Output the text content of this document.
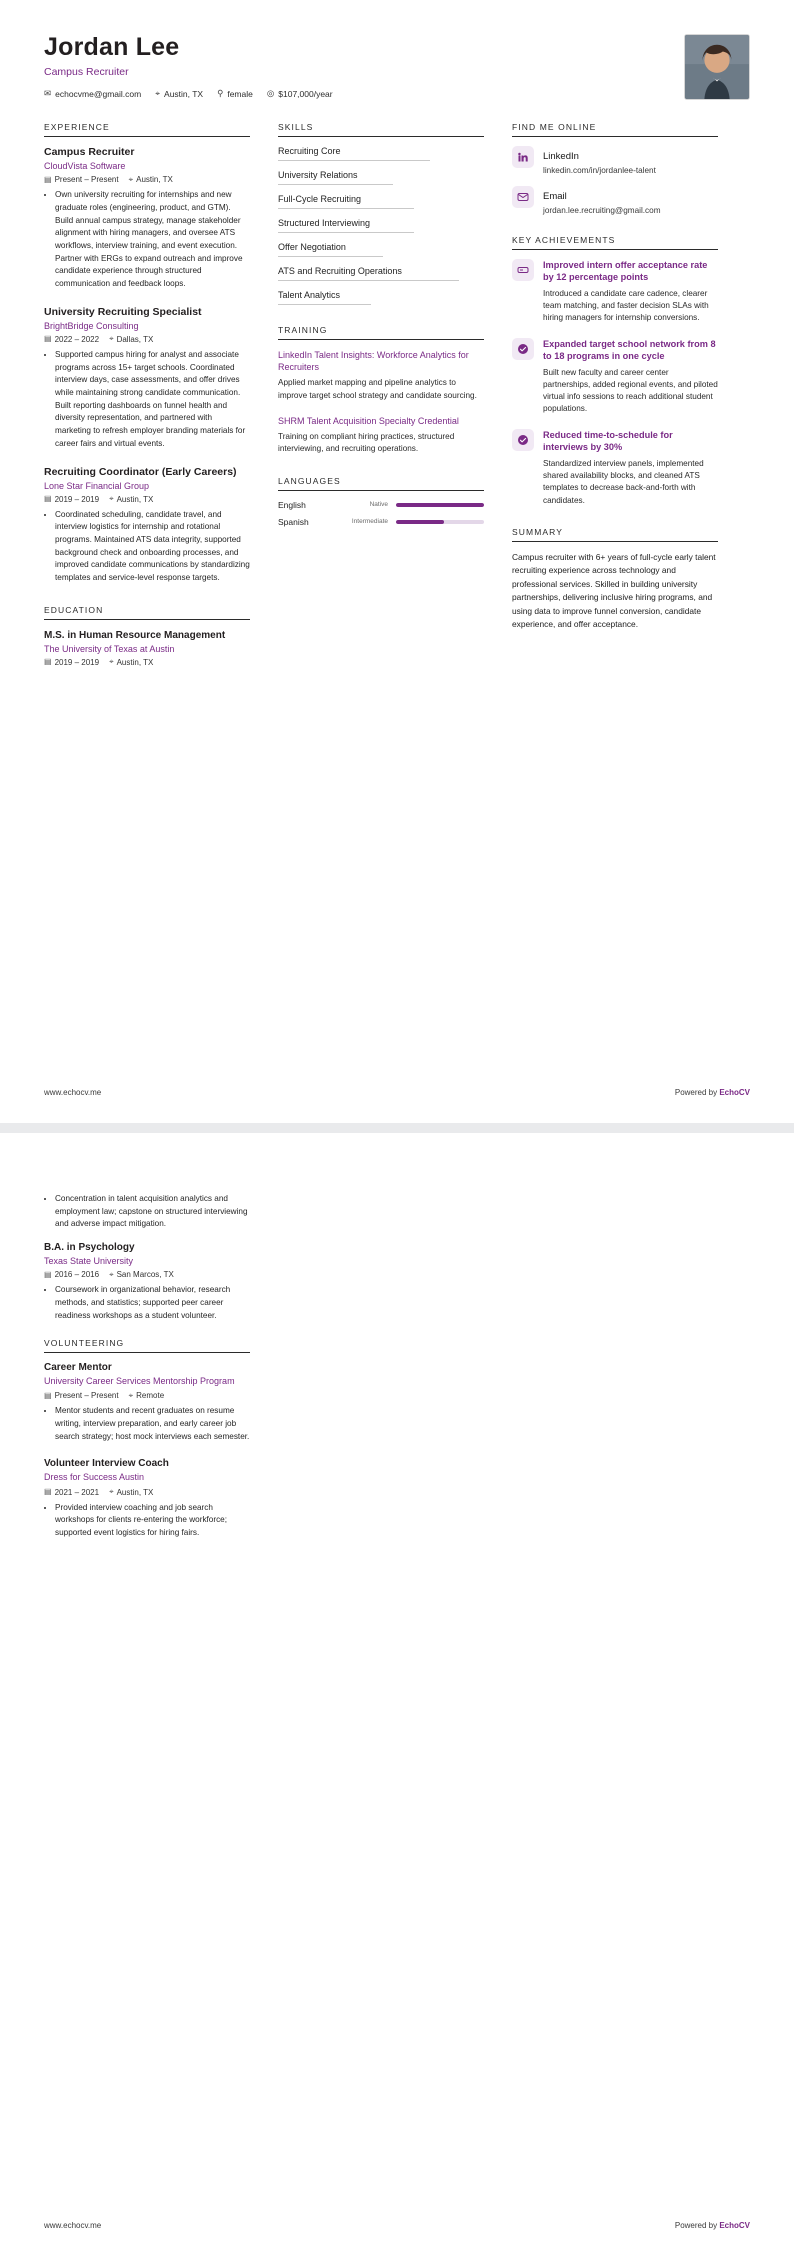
Jordan Lee
Campus Recruiter
✉ echocvme@gmail.com ⌖ Austin, TX ⚲ female ◎ $107,000/year
EXPERIENCE
Campus Recruiter
CloudVista Software
▤ Present – Present ⌖ Austin, TX
• Own university recruiting for internships and new graduate roles (engineering, product, and GTM). Build annual campus strategy, manage stakeholder alignment with hiring managers, and oversee ATS workflows, interview training, and event execution. Partner with ERGs to expand outreach and improve candidate experience through structured communication and feedback loops.
University Recruiting Specialist
BrightBridge Consulting
▤ 2022 – 2022 ⌖ Dallas, TX
• Supported campus hiring for analyst and associate programs across 15+ target schools. Coordinated interview days, case assessments, and offer drives while maintaining strong candidate communication. Built reporting dashboards on funnel health and diversity representation, and partnered with marketing to refresh employer branding materials for career fairs and virtual events.
Recruiting Coordinator (Early Careers)
Lone Star Financial Group
▤ 2019 – 2019 ⌖ Austin, TX
• Coordinated scheduling, candidate travel, and interview logistics for internship and rotational programs. Maintained ATS data integrity, supported background check and onboarding processes, and improved candidate communications by standardizing templates and service-level response targets.
EDUCATION
M.S. in Human Resource Management
The University of Texas at Austin
▤ 2019 – 2019 ⌖ Austin, TX
SKILLS
Recruiting Core
University Relations
Full-Cycle Recruiting
Structured Interviewing
Offer Negotiation
ATS and Recruiting Operations
Talent Analytics
TRAINING
LinkedIn Talent Insights: Workforce Analytics for Recruiters
Applied market mapping and pipeline analytics to improve target school strategy and candidate sourcing.
SHRM Talent Acquisition Specialty Credential
Training on compliant hiring practices, structured interviewing, and recruiting operations.
LANGUAGES
English	Native
Spanish	Intermediate
FIND ME ONLINE
LinkedIn
linkedin.com/in/jordanlee-talent
Email
jordan.lee.recruiting@gmail.com
KEY ACHIEVEMENTS
Improved intern offer acceptance rate by 12 percentage points
Introduced a candidate care cadence, clearer team matching, and faster decision SLAs with hiring managers for internship conversions.
Expanded target school network from 8 to 18 programs in one cycle
Built new faculty and career center partnerships, added regional events, and piloted virtual info sessions to reach additional student populations.
Reduced time-to-schedule for interviews by 30%
Standardized interview panels, implemented shared availability blocks, and cleaned ATS templates to decrease back-and-forth with candidates.
SUMMARY
Campus recruiter with 6+ years of full-cycle early talent recruiting experience across technology and professional services. Skilled in building university partnerships, delivering inclusive hiring programs, and using data to improve funnel conversion, candidate experience, and offer acceptance.
www.echocv.me	Powered by EchoCV
• Concentration in talent acquisition analytics and employment law; capstone on structured interviewing and adverse impact mitigation.
B.A. in Psychology
Texas State University
▤ 2016 – 2016 ⌖ San Marcos, TX
• Coursework in organizational behavior, research methods, and statistics; supported peer career readiness workshops as a student volunteer.
VOLUNTEERING
Career Mentor
University Career Services Mentorship Program
▤ Present – Present ⌖ Remote
• Mentor students and recent graduates on resume writing, interview preparation, and early career job search strategy; host mock interviews each semester.
Volunteer Interview Coach
Dress for Success Austin
▤ 2021 – 2021 ⌖ Austin, TX
• Provided interview coaching and job search workshops for clients re-entering the workforce; supported event logistics for hiring fairs.
www.echocv.me	Powered by EchoCV
